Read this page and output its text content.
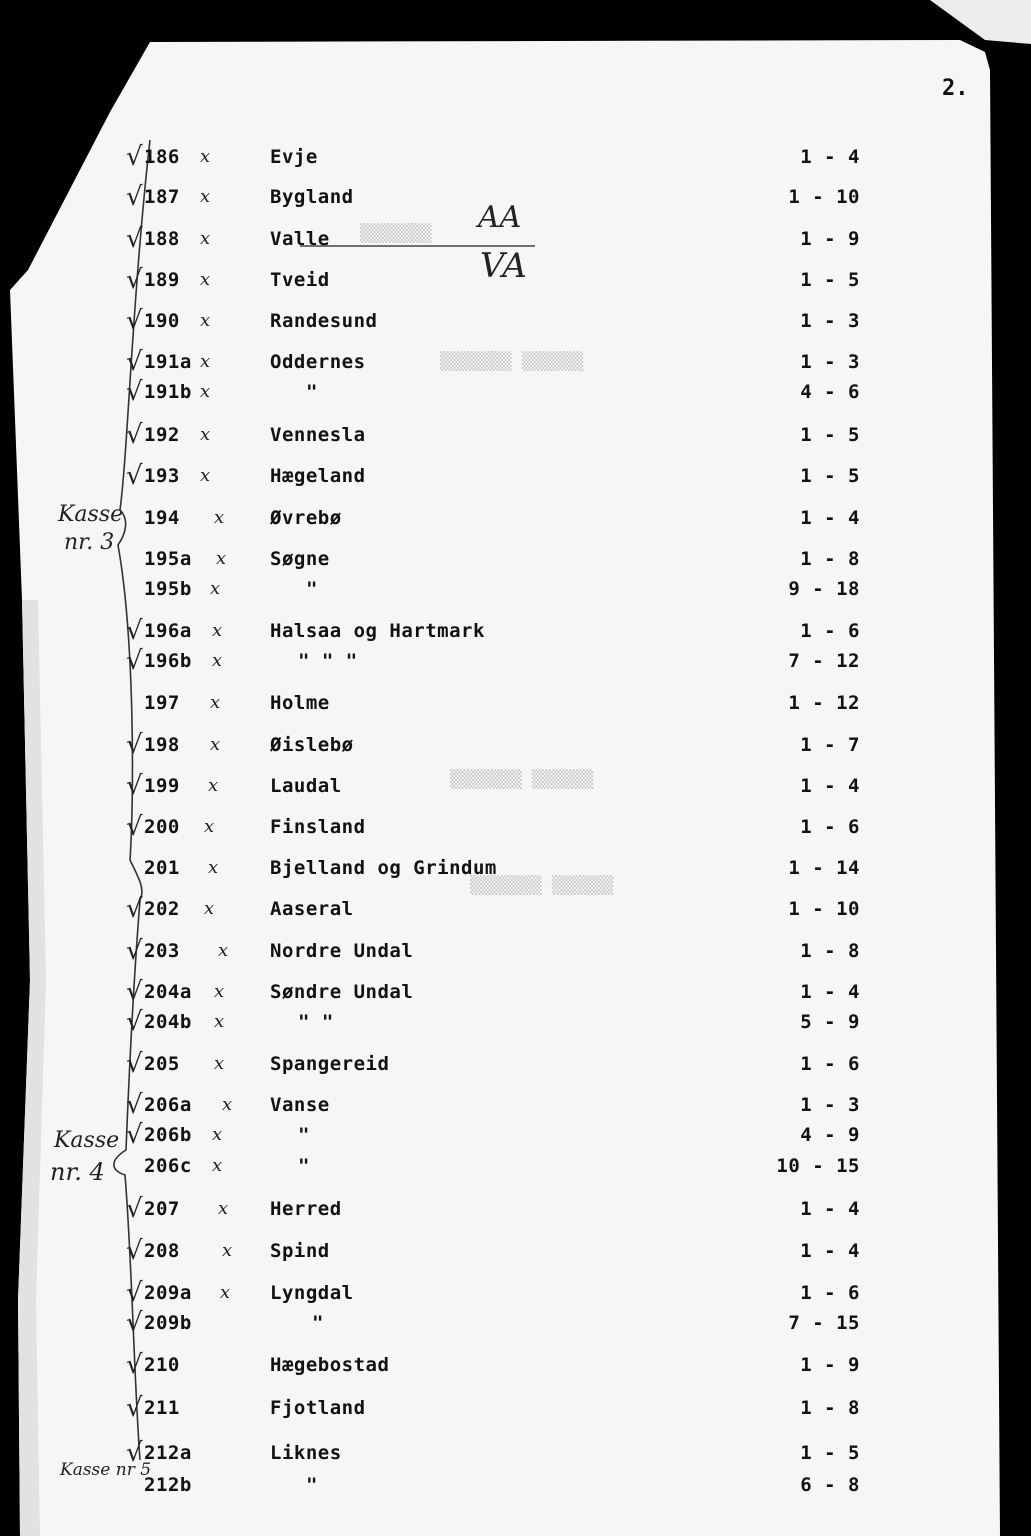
2.
▒▒▒▒▒▒▒
▒▒▒▒▒▒▒ ▒▒▒▒▒▒
▒▒▒▒▒▒▒ ▒▒▒▒▒▒
▒▒▒▒▒▒▒ ▒▒▒▒▒▒
AA
VA
Kasse
nr. 3
Kasse
nr. 4
Kasse nr 5
√ 186 x	Evje	1 - 4
√ 187 x	Bygland	1 - 10
√ 188 x	Valle	1 - 9
√ 189 x	Tveid	1 - 5
√ 190 x	Randesund	1 - 3
√ 191a x	Oddernes	1 - 3
√ 191b x	"	4 - 6
√ 192 x	Vennesla	1 - 5
√ 193 x	Hægeland	1 - 5
194 x Øvrebø	1 - 4
195a x Søgne	1 - 8
195b x	"	9 - 18
√ 196a x Halsaa og Hartmark	1 - 6
√ 196b x	" " "	7 - 12
197 x	Holme	1 - 12
√ 198 x	Øislebø	1 - 7
√ 199 x	Laudal	1 - 4
√ 200 x	Finsland	1 - 6
201 x	Bjelland og Grindum	1 - 14
√ 202 x	Aaseral	1 - 10
√ 203 x Nordre Undal	1 - 8
√ 204a x Søndre Undal	1 - 4
√ 204b x	" "	5 - 9
√ 205 x Spangereid	1 - 6
√ 206a x Vanse	1 - 3
√ 206b x	"	4 - 9
206c x	"	10 - 15
√ 207 x Herred	1 - 4
√ 208 x Spind	1 - 4
√ 209a x Lyngdal	1 - 6
√ 209b	"	7 - 15
√ 210	Hægebostad	1 - 9
√ 211	Fjotland	1 - 8
√ 212a	Liknes	1 - 5
212b	"	6 - 8
